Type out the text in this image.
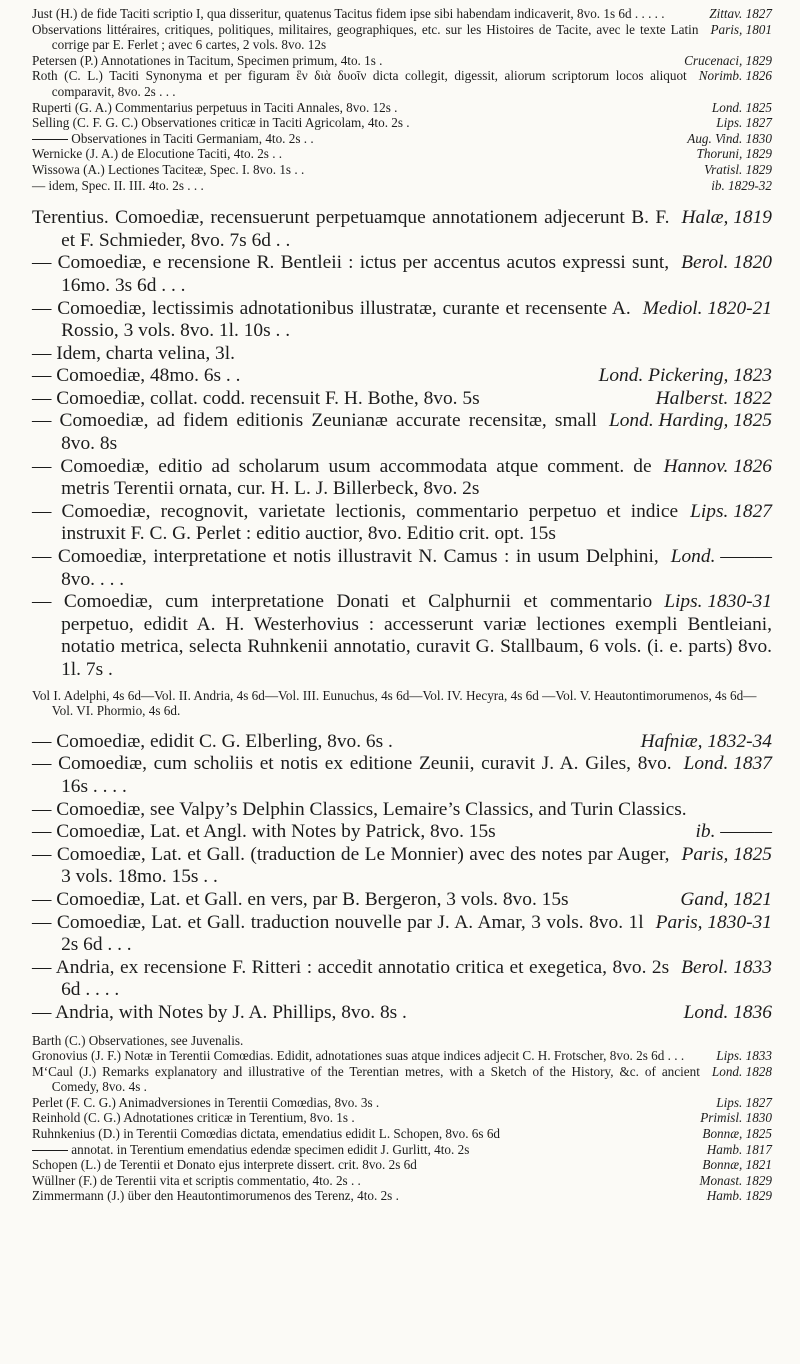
Zittav. 1827
Just (H.) de fide Taciti scriptio I, qua disseritur, quatenus Tacitus fidem ipse sibi habendam indicaverit, 8vo. 1s 6d . . . . .
Paris, 1801
Observations littéraires, critiques, politiques, militaires, geographiques, etc. sur les Histoires de Tacite, avec le texte Latin corrige par E. Ferlet ; avec 6 cartes, 2 vols. 8vo. 12s
Crucenaci, 1829
Petersen (P.) Annotationes in Tacitum, Specimen primum, 4to. 1s .
Norimb. 1826
Roth (C. L.) Taciti Synonyma et per figuram ἓν διὰ δυοῖν dicta collegit, digessit, aliorum scriptorum locos aliquot comparavit, 8vo. 2s . . .
Lond. 1825
Ruperti (G. A.) Commentarius perpetuus in Taciti Annales, 8vo. 12s .
Lips. 1827
Selling (C. F. G. C.) Observationes criticæ in Taciti Agricolam, 4to. 2s .
Aug. Vind. 1830
Observationes in Taciti Germaniam, 4to. 2s . .
Thoruni, 1829
Wernicke (J. A.) de Elocutione Taciti, 4to. 2s . .
Vratisl. 1829
Wissowa (A.) Lectiones Taciteæ, Spec. I. 8vo. 1s . .
ib. 1829-32
— idem, Spec. II. III. 4to. 2s . . .
Halæ, 1819
Terentius. Comoediæ, recensuerunt perpetuamque annotationem adjecerunt B. F. et F. Schmieder, 8vo. 7s 6d . .
Berol. 1820
— Comoediæ, e recensione R. Bentleii : ictus per accentus acutos expressi sunt, 16mo. 3s 6d . . .
Mediol. 1820-21
— Comoediæ, lectissimis adnotationibus illustratæ, curante et recensente A. Rossio, 3 vols. 8vo. 1l. 10s . .
— Idem, charta velina, 3l.
Lond. Pickering, 1823
— Comoediæ, 48mo. 6s . .
Halberst. 1822
— Comoediæ, collat. codd. recensuit F. H. Bothe, 8vo. 5s
Lond. Harding, 1825
— Comoediæ, ad fidem editionis Zeunianæ accurate recensitæ, small 8vo. 8s
Hannov. 1826
— Comoediæ, editio ad scholarum usum accommodata atque comment. de metris Terentii ornata, cur. H. L. J. Billerbeck, 8vo. 2s
Lips. 1827
— Comoediæ, recognovit, varietate lectionis, commentario perpetuo et indice instruxit F. C. G. Perlet : editio auctior, 8vo. Editio crit. opt. 15s
Lond. ———
— Comoediæ, interpretatione et notis illustravit N. Camus : in usum Delphini, 8vo. . . .
Lips. 1830-31
— Comoediæ, cum interpretatione Donati et Calphurnii et commentario perpetuo, edidit A. H. Westerhovius : accesserunt variæ lectiones exempli Bentleiani, notatio metrica, selecta Ruhnkenii annotatio, curavit G. Stallbaum, 6 vols. (i. e. parts) 8vo. 1l. 7s .
Vol I. Adelphi, 4s 6d—Vol. II. Andria, 4s 6d—Vol. III. Eunuchus, 4s 6d—Vol. IV. Hecyra, 4s 6d —Vol. V. Heautontimorumenos, 4s 6d—Vol. VI. Phormio, 4s 6d.
Hafniæ, 1832-34
— Comoediæ, edidit C. G. Elberling, 8vo. 6s .
Lond. 1837
— Comoediæ, cum scholiis et notis ex editione Zeunii, curavit J. A. Giles, 8vo. 16s . . . .
— Comoediæ, see Valpy’s Delphin Classics, Lemaire’s Classics, and Turin Classics.
ib. ———
— Comoediæ, Lat. et Angl. with Notes by Patrick, 8vo. 15s
Paris, 1825
— Comoediæ, Lat. et Gall. (traduction de Le Monnier) avec des notes par Auger, 3 vols. 18mo. 15s . .
Gand, 1821
— Comoediæ, Lat. et Gall. en vers, par B. Bergeron, 3 vols. 8vo. 15s
Paris, 1830-31
— Comoediæ, Lat. et Gall. traduction nouvelle par J. A. Amar, 3 vols. 8vo. 1l 2s 6d . . .
Berol. 1833
— Andria, ex recensione F. Ritteri : accedit annotatio critica et exegetica, 8vo. 2s 6d . . . .
Lond. 1836
— Andria, with Notes by J. A. Phillips, 8vo. 8s .
Barth (C.) Observationes, see Juvenalis.
Lips. 1833
Gronovius (J. F.) Notæ in Terentii Comœdias. Edidit, adnotationes suas atque indices adjecit C. H. Frotscher, 8vo. 2s 6d . . .
Lond. 1828
M‘Caul (J.) Remarks explanatory and illustrative of the Terentian metres, with a Sketch of the History, &c. of ancient Comedy, 8vo. 4s .
Lips. 1827
Perlet (F. C. G.) Animadversiones in Terentii Comœdias, 8vo. 3s .
Primisl. 1830
Reinhold (C. G.) Adnotationes criticæ in Terentium, 8vo. 1s .
Bonnæ, 1825
Ruhnkenius (D.) in Terentii Comœdias dictata, emendatius edidit L. Schopen, 8vo. 6s 6d
Hamb. 1817
annotat. in Terentium emendatius edendæ specimen edidit J. Gurlitt, 4to. 2s
Bonnæ, 1821
Schopen (L.) de Terentii et Donato ejus interprete dissert. crit. 8vo. 2s 6d
Monast. 1829
Wüllner (F.) de Terentii vita et scriptis commentatio, 4to. 2s . .
Hamb. 1829
Zimmermann (J.) über den Heautontimorumenos des Terenz, 4to. 2s .
